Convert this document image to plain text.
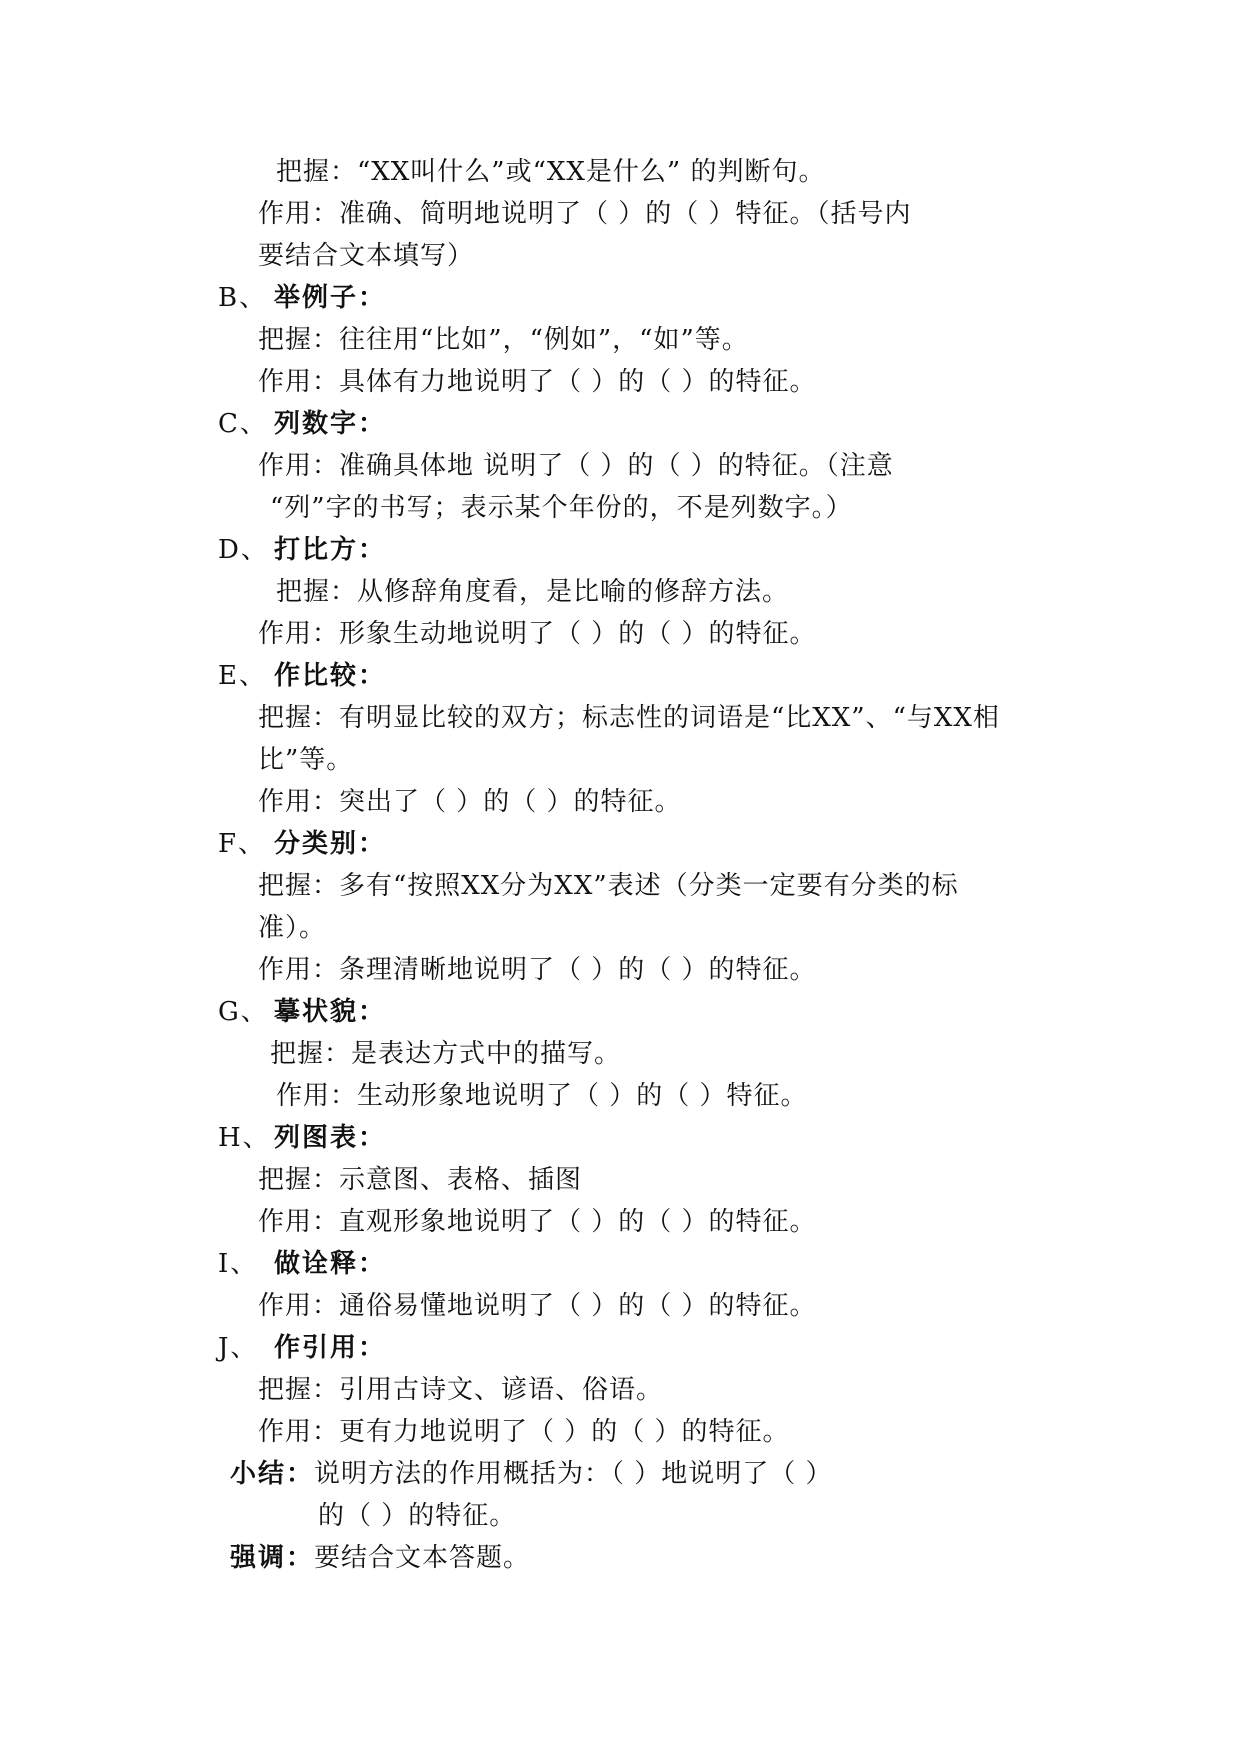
把握：“XX叫什么”或“XX是什么” 的判断句。
作用：准确、简明地说明了（ ）的（ ）特征。（括号内
要结合文本填写）
B、 举例子：
把握：往往用“比如”，“例如”，“如”等。
作用：具体有力地说明了（ ）的（ ）的特征。
C、 列数字：
作用：准确具体地 说明了（ ）的（ ）的特征。（注意
“列”字的书写；表示某个年份的，不是列数字。）
D、 打比方：
把握：从修辞角度看，是比喻的修辞方法。
作用：形象生动地说明了（ ）的（ ）的特征。
E、 作比较：
把握：有明显比较的双方；标志性的词语是“比XX”、“与XX相
比”等。
作用：突出了（ ）的（ ）的特征。
F、 分类别：
把握：多有“按照XX分为XX”表述（分类一定要有分类的标
准）。
作用：条理清晰地说明了（ ）的（ ）的特征。
G、 摹状貌：
把握：是表达方式中的描写。
作用：生动形象地说明了（ ）的（ ）特征。
H、 列图表：
把握：示意图、表格、插图
作用：直观形象地说明了（ ）的（ ）的特征。
I、 做诠释：
作用：通俗易懂地说明了（ ）的（ ）的特征。
J、 作引用：
把握：引用古诗文、谚语、俗语。
作用：更有力地说明了（ ）的（ ）的特征。
小结：说明方法的作用概括为：（ ）地说明了（ ）
的（ ）的特征。
强调：要结合文本答题。
